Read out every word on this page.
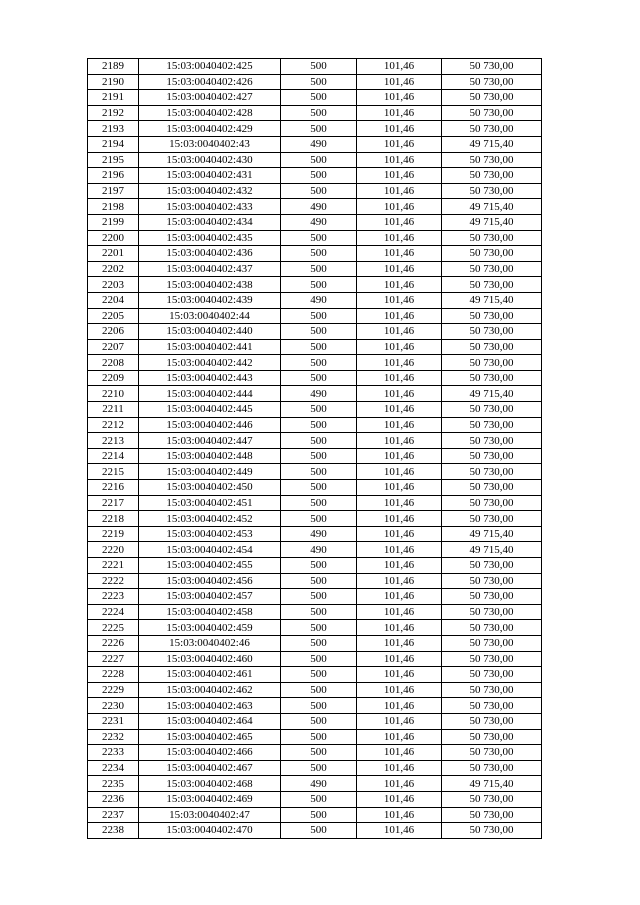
2189	15:03:0040402:425	500	101,46	50 730,00
2190	15:03:0040402:426	500	101,46	50 730,00
2191	15:03:0040402:427	500	101,46	50 730,00
2192	15:03:0040402:428	500	101,46	50 730,00
2193	15:03:0040402:429	500	101,46	50 730,00
2194	15:03:0040402:43	490	101,46	49 715,40
2195	15:03:0040402:430	500	101,46	50 730,00
2196	15:03:0040402:431	500	101,46	50 730,00
2197	15:03:0040402:432	500	101,46	50 730,00
2198	15:03:0040402:433	490	101,46	49 715,40
2199	15:03:0040402:434	490	101,46	49 715,40
2200	15:03:0040402:435	500	101,46	50 730,00
2201	15:03:0040402:436	500	101,46	50 730,00
2202	15:03:0040402:437	500	101,46	50 730,00
2203	15:03:0040402:438	500	101,46	50 730,00
2204	15:03:0040402:439	490	101,46	49 715,40
2205	15:03:0040402:44	500	101,46	50 730,00
2206	15:03:0040402:440	500	101,46	50 730,00
2207	15:03:0040402:441	500	101,46	50 730,00
2208	15:03:0040402:442	500	101,46	50 730,00
2209	15:03:0040402:443	500	101,46	50 730,00
2210	15:03:0040402:444	490	101,46	49 715,40
2211	15:03:0040402:445	500	101,46	50 730,00
2212	15:03:0040402:446	500	101,46	50 730,00
2213	15:03:0040402:447	500	101,46	50 730,00
2214	15:03:0040402:448	500	101,46	50 730,00
2215	15:03:0040402:449	500	101,46	50 730,00
2216	15:03:0040402:450	500	101,46	50 730,00
2217	15:03:0040402:451	500	101,46	50 730,00
2218	15:03:0040402:452	500	101,46	50 730,00
2219	15:03:0040402:453	490	101,46	49 715,40
2220	15:03:0040402:454	490	101,46	49 715,40
2221	15:03:0040402:455	500	101,46	50 730,00
2222	15:03:0040402:456	500	101,46	50 730,00
2223	15:03:0040402:457	500	101,46	50 730,00
2224	15:03:0040402:458	500	101,46	50 730,00
2225	15:03:0040402:459	500	101,46	50 730,00
2226	15:03:0040402:46	500	101,46	50 730,00
2227	15:03:0040402:460	500	101,46	50 730,00
2228	15:03:0040402:461	500	101,46	50 730,00
2229	15:03:0040402:462	500	101,46	50 730,00
2230	15:03:0040402:463	500	101,46	50 730,00
2231	15:03:0040402:464	500	101,46	50 730,00
2232	15:03:0040402:465	500	101,46	50 730,00
2233	15:03:0040402:466	500	101,46	50 730,00
2234	15:03:0040402:467	500	101,46	50 730,00
2235	15:03:0040402:468	490	101,46	49 715,40
2236	15:03:0040402:469	500	101,46	50 730,00
2237	15:03:0040402:47	500	101,46	50 730,00
2238	15:03:0040402:470	500	101,46	50 730,00
